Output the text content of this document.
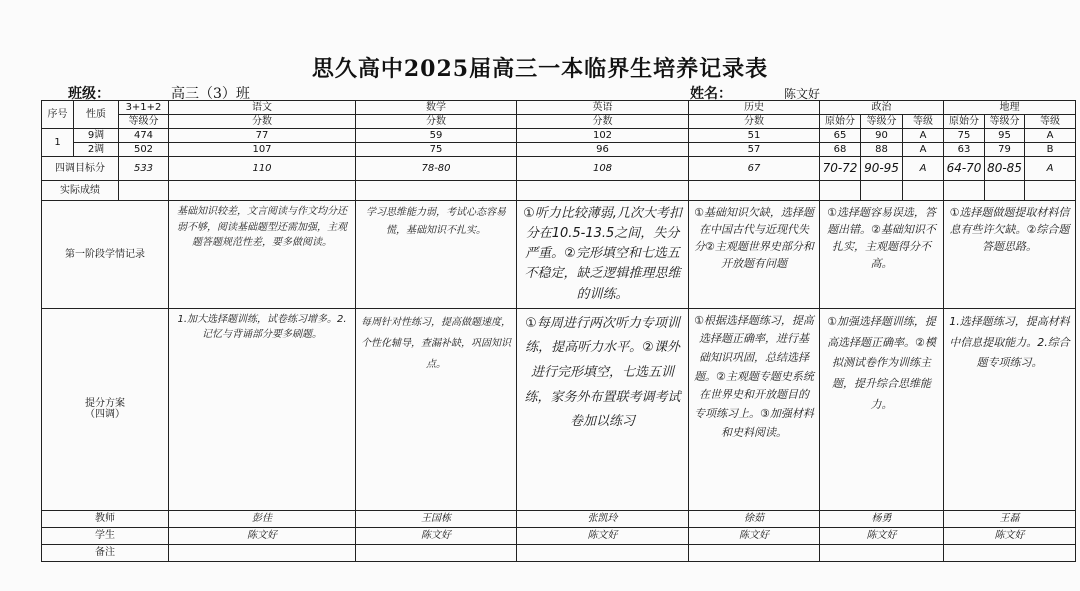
思久高中2025届高三一本临界生培养记录表
班级：	高三（3）班	姓名：	陈文好
序号	性质	3+1+2	语文	数学	英语	历史	政治			地理		
		等级分	分数	分数	分数	分数	原始分	等级分	等级	原始分	等级分	等级
1	9调	474	77	59	102	51	65	90	A	75	95	A
	2调	502	107	75	96	57	68	88	A	63	79	B
四调目标分		533	110	78-80	108	67	70-72	90-95	A	64-70	80-85	A
实际成绩												
第一阶段学情记录			基础知识较差，文言阅读与作文均分还弱不够，阅读基础题型还需加强，主观题答题规范性差，要多做阅读。	学习思维能力弱，考试心态容易慌，基础知识不扎实。	①听力比较薄弱,几次大考扣分在10.5-13.5之间，失分严重。②完形填空和七选五不稳定，缺乏逻辑推理思维的训练。	①基础知识欠缺，选择题在中国古代与近现代失分②主观题世界史部分和开放题有问题	①选择题容易误选，答题出错。②基础知识不扎实，主观题得分不高。			①选择题做题提取材料信息有些许欠缺。②综合题答题思路。		

提分方案
（四调）			1.加大选择题训练，试卷练习增多。2.记忆与背诵部分要多刷题。	每周针对性练习，提高做题速度，个性化辅导，查漏补缺，巩固知识点。	①每周进行两次听力专项训练，提高听力水平。②课外进行完形填空，七选五训练，家务外布置联考调考试卷加以练习	①根据选择题练习，提高选择题正确率，进行基础知识巩固，总结选择题。②主观题专题史系统在世界史和开放题目的专项练习上。③加强材料和史料阅读。	①加强选择题训练，提高选择题正确率。②模拟测试卷作为训练主题，提升综合思维能力。			1.选择题练习，提高材料中信息提取能力。2.综合题专项练习。		
教师			彭佳	王国栋	张凯玲	徐茹	杨勇			王磊		
学生			陈文好	陈文好	陈文好	陈文好	陈文好			陈文好		
备注												
